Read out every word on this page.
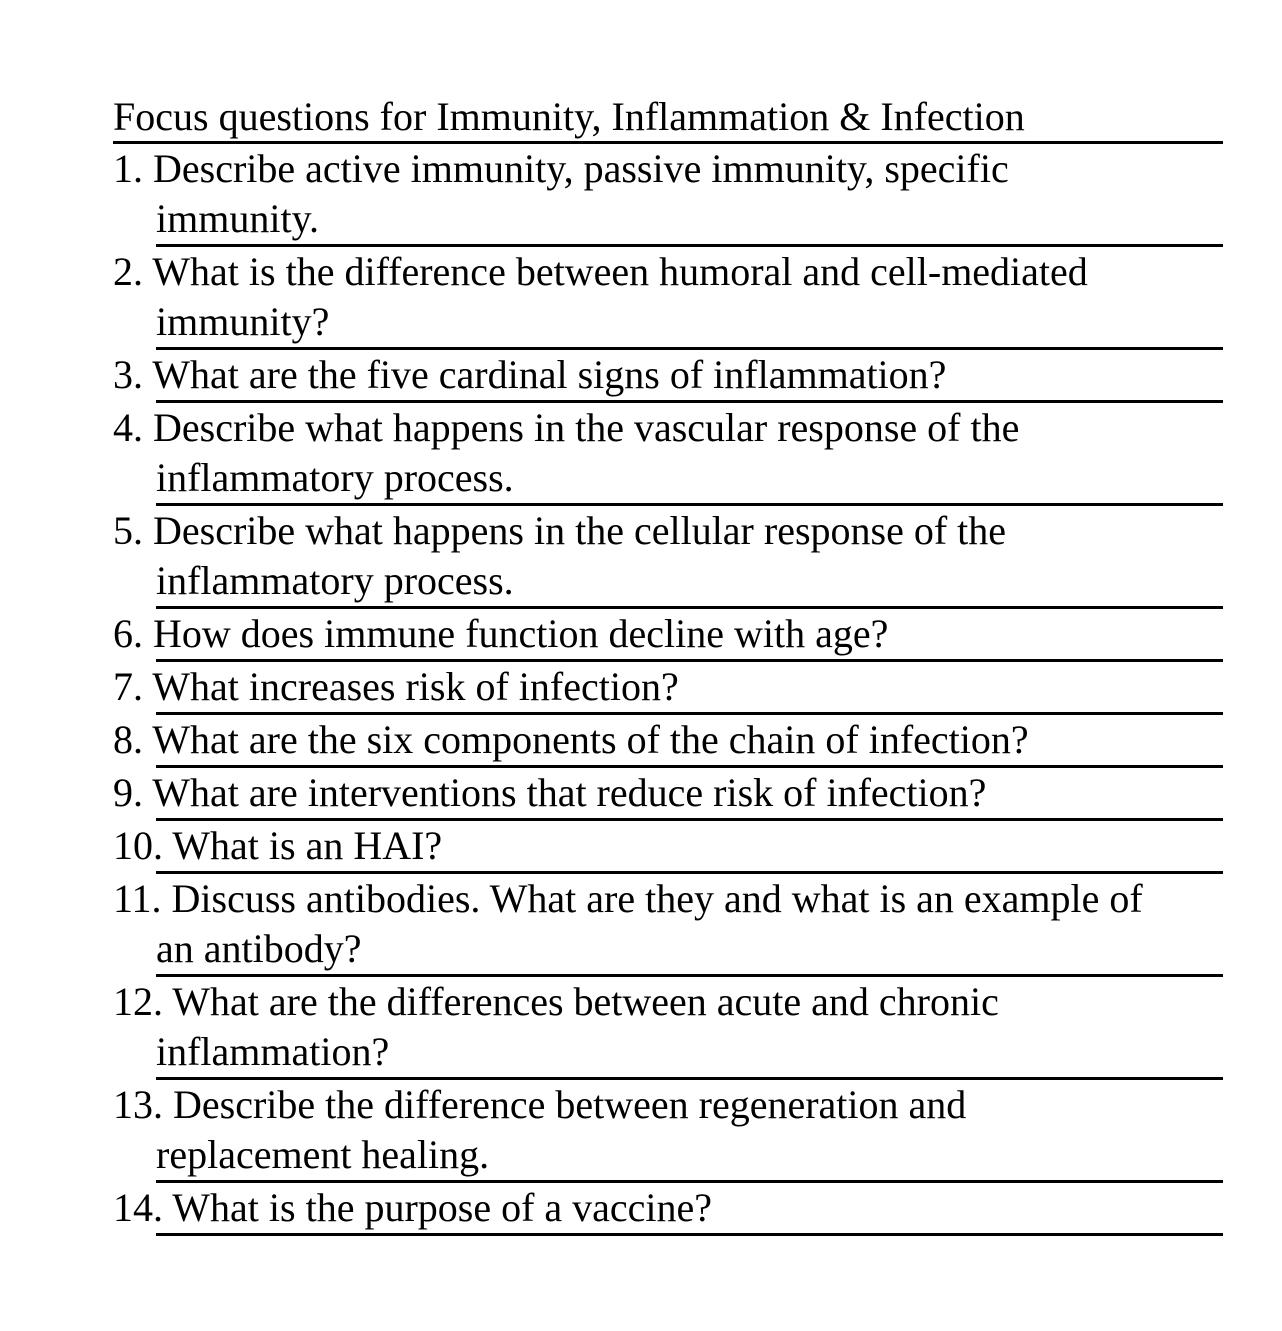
Focus questions for Immunity, Inflammation & Infection
1. Describe active immunity, passive immunity, specific
immunity.
2. What is the difference between humoral and cell-mediated
immunity?
3. What are the five cardinal signs of inflammation?
4. Describe what happens in the vascular response of the
inflammatory process.
5. Describe what happens in the cellular response of the
inflammatory process.
6. How does immune function decline with age?
7. What increases risk of infection?
8. What are the six components of the chain of infection?
9. What are interventions that reduce risk of infection?
10. What is an HAI?
11. Discuss antibodies. What are they and what is an example of
an antibody?
12. What are the differences between acute and chronic
inflammation?
13. Describe the difference between regeneration and
replacement healing.
14. What is the purpose of a vaccine?
